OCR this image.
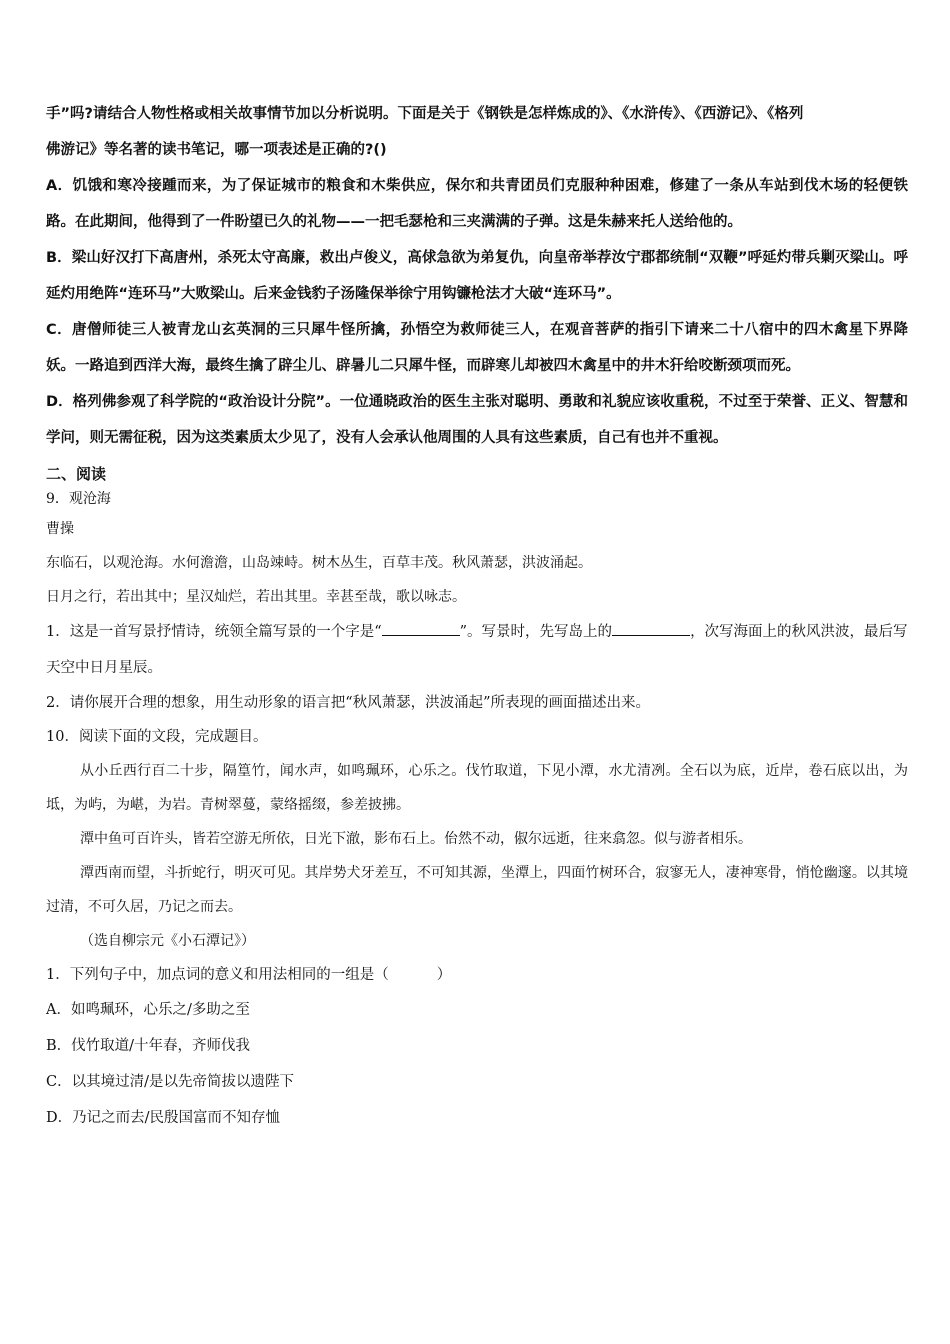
手”吗?请结合人物性格或相关故事情节加以分析说明。下面是关于《钢铁是怎样炼成的》、《水浒传》、《西游记》、《格列

佛游记》等名著的读书笔记，哪一项表述是正确的?()

A．饥饿和寒冷接踵而来，为了保证城市的粮食和木柴供应，保尔和共青团员们克服种种困难，修建了一条从车站到伐木场的轻便铁路。在此期间，他得到了一件盼望已久的礼物——一把毛瑟枪和三夹满满的子弹。这是朱赫来托人送给他的。

B．梁山好汉打下高唐州，杀死太守高廉，救出卢俊义，高俅急欲为弟复仇，向皇帝举荐汝宁郡都统制“双鞭”呼延灼带兵剿灭梁山。呼延灼用绝阵“连环马”大败梁山。后来金钱豹子汤隆保举徐宁用钩镰枪法才大破“连环马”。

C．唐僧师徒三人被青龙山玄英洞的三只犀牛怪所擒，孙悟空为救师徒三人，在观音菩萨的指引下请来二十八宿中的四木禽星下界降妖。一路追到西洋大海，最终生擒了辟尘儿、辟暑儿二只犀牛怪，而辟寒儿却被四木禽星中的井木犴给咬断颈项而死。

D．格列佛参观了科学院的“政治设计分院”。一位通晓政治的医生主张对聪明、勇敢和礼貌应该收重税，不过至于荣誉、正义、智慧和学问，则无需征税，因为这类素质太少见了，没有人会承认他周围的人具有这些素质，自己有也并不重视。

二、阅读

9．观沧海

曹操

东临石，以观沧海。水何澹澹，山岛竦峙。树木丛生，百草丰茂。秋风萧瑟，洪波涌起。

日月之行，若出其中；星汉灿烂，若出其里。幸甚至哉，歌以咏志。

1．这是一首写景抒情诗，统领全篇写景的一个字是“	”。写景时，先写岛上的	，次写海面上的秋风洪波，最后写天空中日月星辰。

2．请你展开合理的想象，用生动形象的语言把“秋风萧瑟，洪波涌起”所表现的画面描述出来。

10．阅读下面的文段，完成题目。

从小丘西行百二十步，隔篁竹，闻水声，如鸣珮环，心乐之。伐竹取道，下见小潭，水尤清冽。全石以为底，近岸，卷石底以出，为坻，为屿，为嵁，为岩。青树翠蔓，蒙络摇缀，参差披拂。

潭中鱼可百许头，皆若空游无所依，日光下澈，影布石上。佁然不动，俶尔远逝，往来翕忽。似与游者相乐。

潭西南而望，斗折蛇行，明灭可见。其岸势犬牙差互，不可知其源，坐潭上，四面竹树环合，寂寥无人，凄神寒骨，悄怆幽邃。以其境过清，不可久居，乃记之而去。

（选自柳宗元《小石潭记》）

1．下列句子中，加点词的意义和用法相同的一组是（	）

A．如鸣珮环，心乐之/多助之至

B．伐竹取道/十年春，齐师伐我

C．以其境过清/是以先帝简拔以遗陛下

D．乃记之而去/民殷国富而不知存恤
